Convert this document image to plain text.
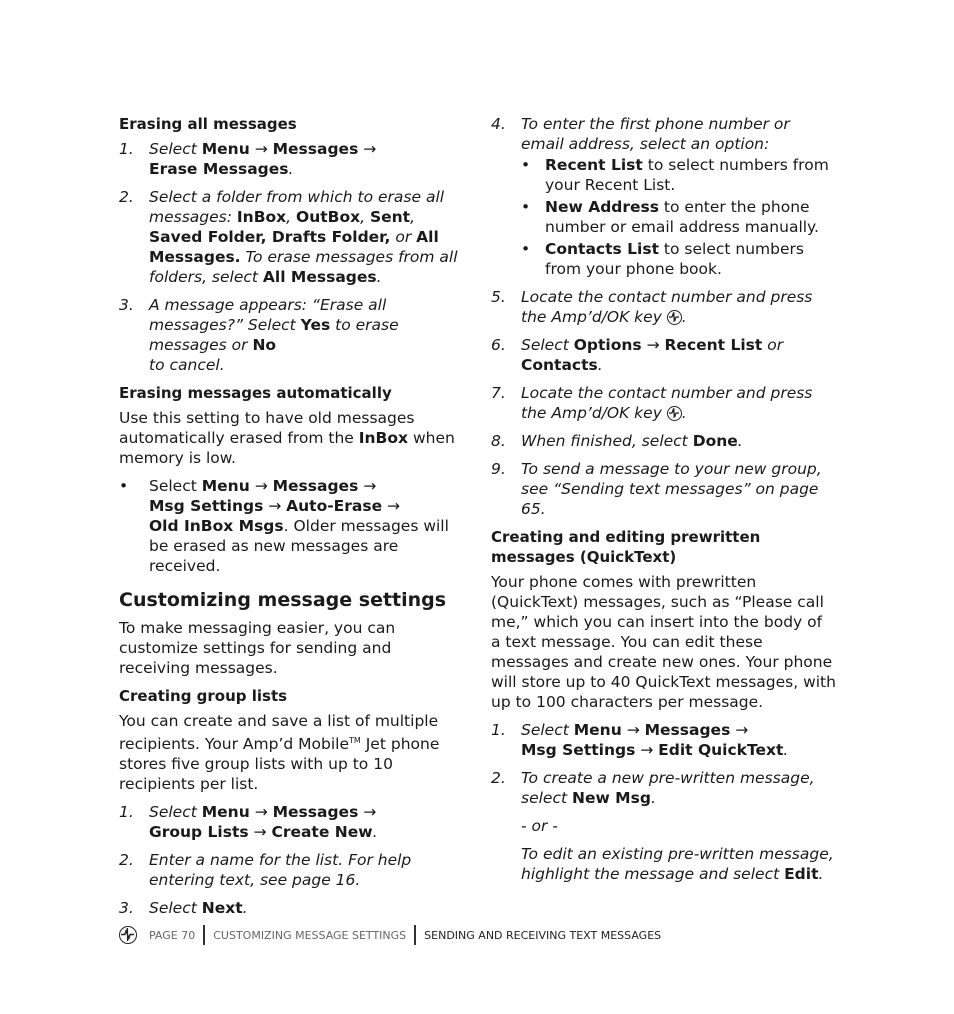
Erasing all messages
1. Select Menu → Messages →
Erase Messages.
2. Select a folder from which to erase all messages: InBox, OutBox, Sent, Saved Folder, Drafts Folder, or All Messages. To erase messages from all folders, select All Messages.
3. A message appears: “Erase all messages?” Select Yes to erase messages or No
to cancel.
Erasing messages automatically
Use this setting to have old messages automatically erased from the InBox when memory is low.
•	Select Menu → Messages →
Msg Settings → Auto-Erase →
Old InBox Msgs. Older messages will be erased as new messages are received.
Customizing message settings
To make messaging easier, you can customize settings for sending and receiving messages.
Creating group lists
You can create and save a list of multiple recipients. Your Amp’d Mobile™ Jet phone stores five group lists with up to 10 recipients per list.
1. Select Menu → Messages →
Group Lists → Create New.
2. Enter a name for the list. For help entering text, see page 16.
3. Select Next.
4. To enter the first phone number or email address, select an option:
• Recent List to select numbers from your Recent List.
• New Address to enter the phone number or email address manually.
• Contacts List to select numbers from your phone book.
5. Locate the contact number and press the Amp’d/OK key
.
6. Select Options → Recent List or Contacts.
7. Locate the contact number and press the Amp’d/OK key
.
8. When finished, select Done.
9. To send a message to your new group, see “Sending text messages” on page 65.
Creating and editing prewritten messages (QuickText)
Your phone comes with prewritten (QuickText) messages, such as “Please call me,” which you can insert into the body of a text message. You can edit these messages and create new ones. Your phone will store up to 40 QuickText messages, with up to 100 characters per message.
1. Select Menu → Messages →
Msg Settings → Edit QuickText.
2. To create a new pre-written message, select New Msg.
- or -
To edit an existing pre-written message, highlight the message and select Edit.
PAGE 70 CUSTOMIZING MESSAGE SETTINGS SENDING AND RECEIVING TEXT MESSAGES
